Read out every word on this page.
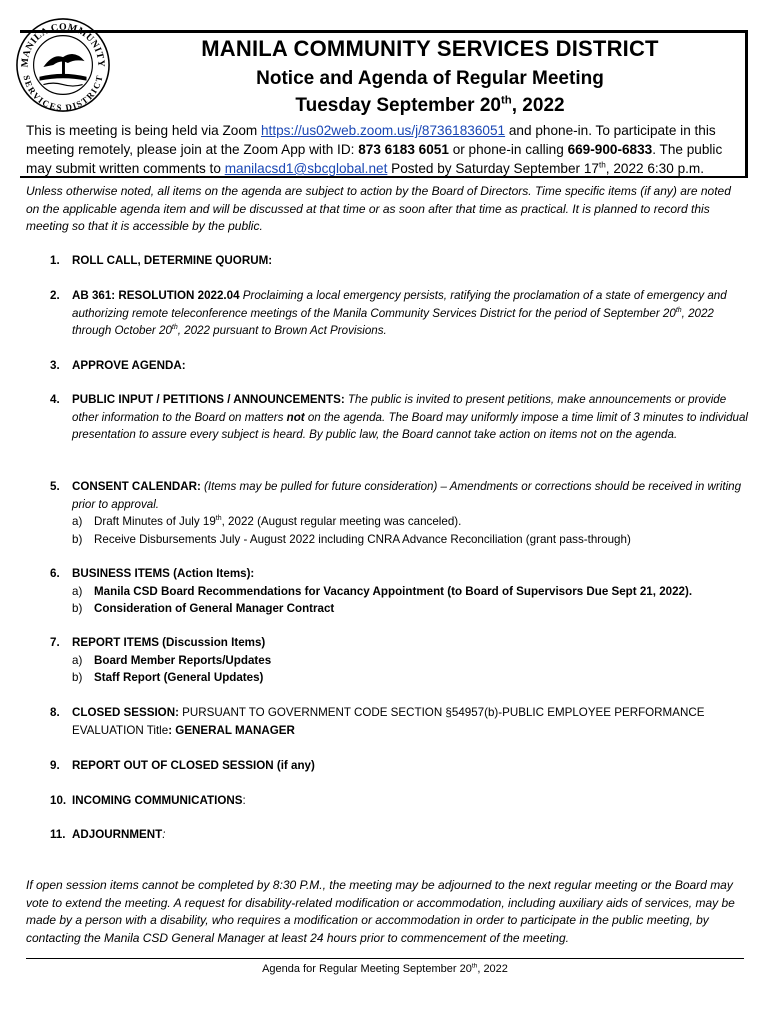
MANILA COMMUNITY
SERVICES DISTRICT
MANILA COMMUNITY SERVICES DISTRICT
Notice and Agenda of Regular Meeting
Tuesday September 20th, 2022
This is meeting is being held via Zoom https://us02web.zoom.us/j/87361836051 and phone-in. To participate in this meeting remotely, please join at the Zoom App with ID: 873 6183 6051 or phone-in calling 669-900-6833. The public may submit written comments to manilacsd1@sbcglobal.net Posted by Saturday September 17th, 2022 6:30 p.m.
Unless otherwise noted, all items on the agenda are subject to action by the Board of Directors. Time specific items (if any) are noted on the applicable agenda item and will be discussed at that time or as soon after that time as practical. It is planned to record this meeting so that it is accessible by the public.
1.	ROLL CALL, DETERMINE QUORUM:
2.	AB 361: RESOLUTION 2022.04 Proclaiming a local emergency persists, ratifying the proclamation of a state of emergency and authorizing remote teleconference meetings of the Manila Community Services District for the period of September 20th, 2022 through October 20th, 2022 pursuant to Brown Act Provisions.
3.	APPROVE AGENDA:
4.	PUBLIC INPUT / PETITIONS / ANNOUNCEMENTS: The public is invited to present petitions, make announcements or provide other information to the Board on matters not on the agenda. The Board may uniformly impose a time limit of 3 minutes to individual presentation to assure every subject is heard. By public law, the Board cannot take action on items not on the agenda.
5.	CONSENT CALENDAR: (Items may be pulled for future consideration) – Amendments or corrections should be received in writing prior to approval.
a)	Draft Minutes of July 19th, 2022 (August regular meeting was canceled).
b)	Receive Disbursements July - August 2022 including CNRA Advance Reconciliation (grant pass-through)
6.	BUSINESS ITEMS (Action Items):
a)	Manila CSD Board Recommendations for Vacancy Appointment (to Board of Supervisors Due Sept 21, 2022).
b)	Consideration of General Manager Contract
7.	REPORT ITEMS (Discussion Items)
a)	Board Member Reports/Updates
b)	Staff Report (General Updates)
8.	CLOSED SESSION: PURSUANT TO GOVERNMENT CODE SECTION §54957(b)-PUBLIC EMPLOYEE PERFORMANCE EVALUATION Title: GENERAL MANAGER
9.	REPORT OUT OF CLOSED SESSION (if any)
10. INCOMING COMMUNICATIONS:
11. ADJOURNMENT:
If open session items cannot be completed by 8:30 P.M., the meeting may be adjourned to the next regular meeting or the Board may vote to extend the meeting. A request for disability-related modification or accommodation, including auxiliary aids of services, may be made by a person with a disability, who requires a modification or accommodation in order to participate in the public meeting, by contacting the Manila CSD General Manager at least 24 hours prior to commencement of the meeting.
Agenda for Regular Meeting September 20th, 2022
